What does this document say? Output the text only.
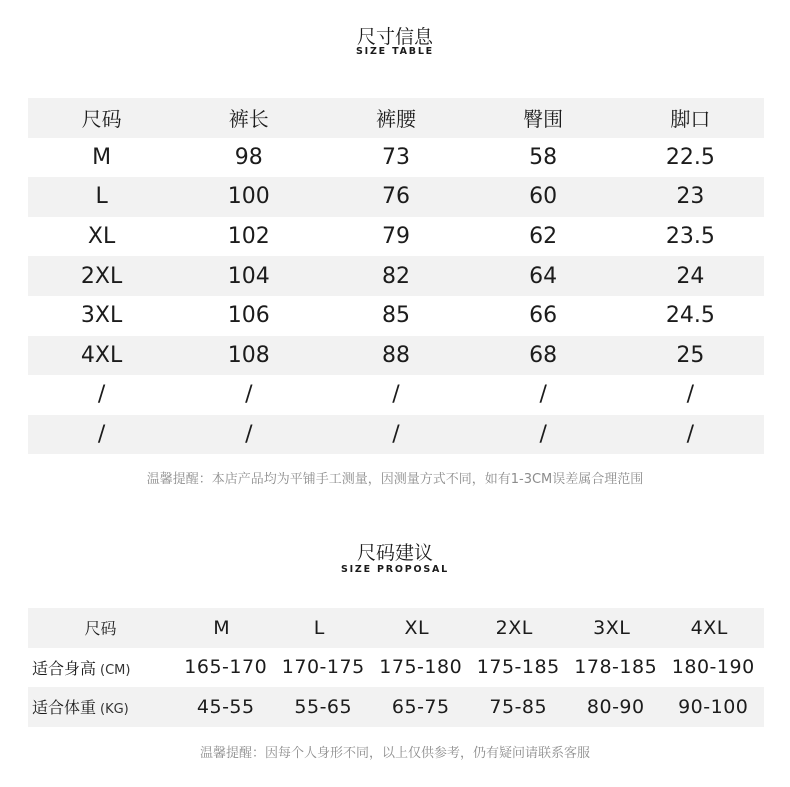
尺寸信息
SIZE TABLE
尺码	裤长	裤腰	臀围	脚口
M	98	73	58	22.5
L	100	76	60	23
XL	102	79	62	23.5
2XL	104	82	64	24
3XL	106	85	66	24.5
4XL	108	88	68	25
/	/	/	/	/
/	/	/	/	/
温馨提醒：本店产品均为平铺手工测量，因测量方式不同，如有1-3CM误差属合理范围
尺码建议
SIZE PROPOSAL
尺码	M	L	XL	2XL	3XL	4XL
适合身高 (CM)	165-170 170-175 175-180 175-185 178-185 180-190
适合体重 (KG)	45-55	55-65	65-75	75-85	80-90	90-100
温馨提醒：因每个人身形不同，以上仅供参考，仍有疑问请联系客服
